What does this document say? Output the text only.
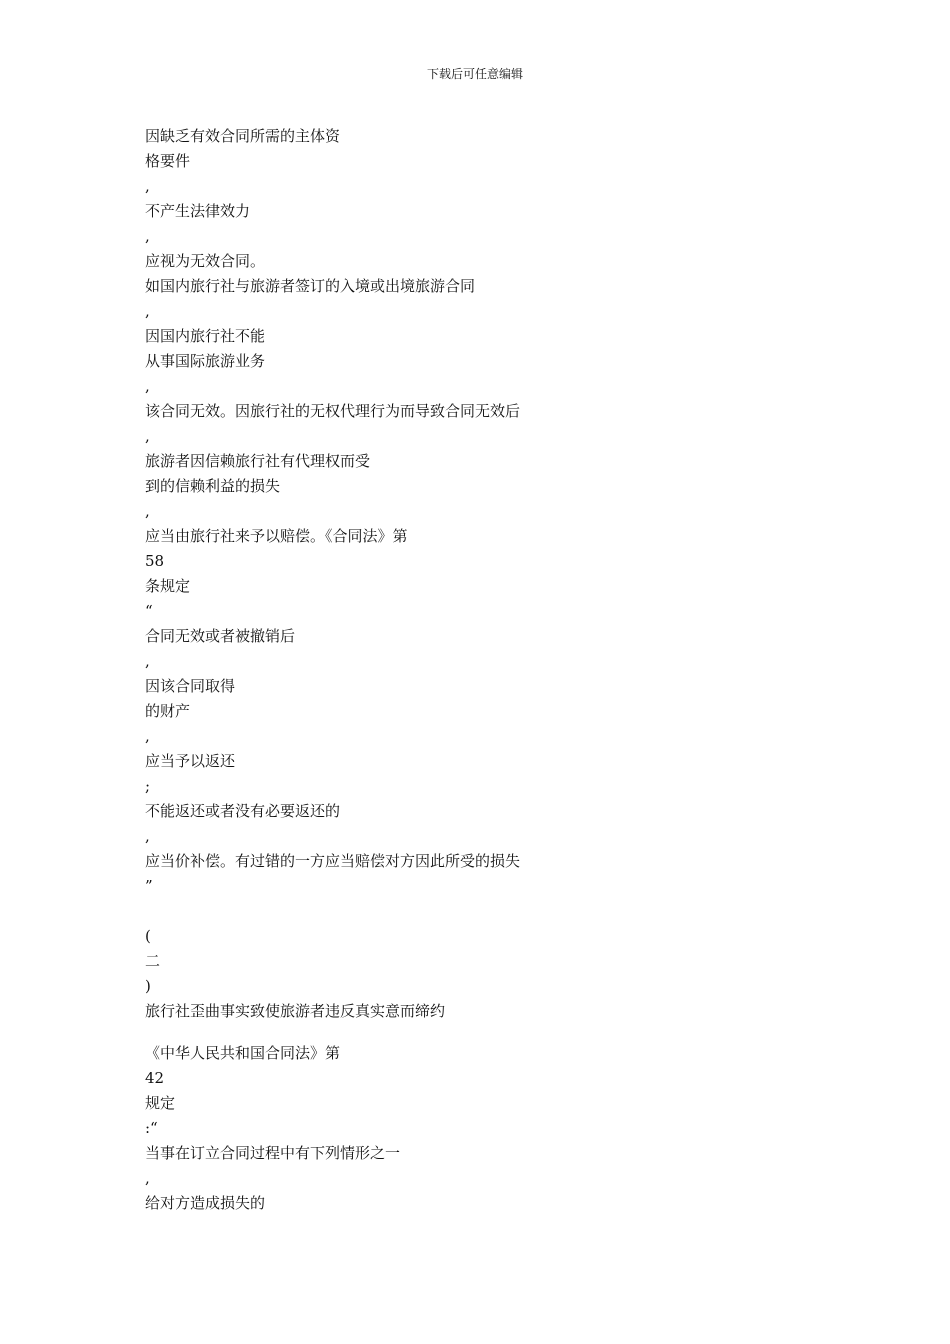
下载后可任意编辑
因缺乏有效合同所需的主体资
格要件
,
不产生法律效力
,
应视为无效合同。
如国内旅行社与旅游者签订的入境或出境旅游合同
,
因国内旅行社不能
从事国际旅游业务
,
该合同无效。因旅行社的无权代理行为而导致合同无效后
,
旅游者因信赖旅行社有代理权而受
到的信赖利益的损失
,
应当由旅行社来予以赔偿。《合同法》第
58
条规定
“
合同无效或者被撤销后
,
因该合同取得
的财产
,
应当予以返还
;
不能返还或者没有必要返还的
,
应当价补偿。有过错的一方应当赔偿对方因此所受的损失
”
(
二
)
旅行社歪曲事实致使旅游者违反真实意而缔约
《中华人民共和国合同法》第
42
规定
:“
当事在订立合同过程中有下列情形之一
,
给对方造成损失的
